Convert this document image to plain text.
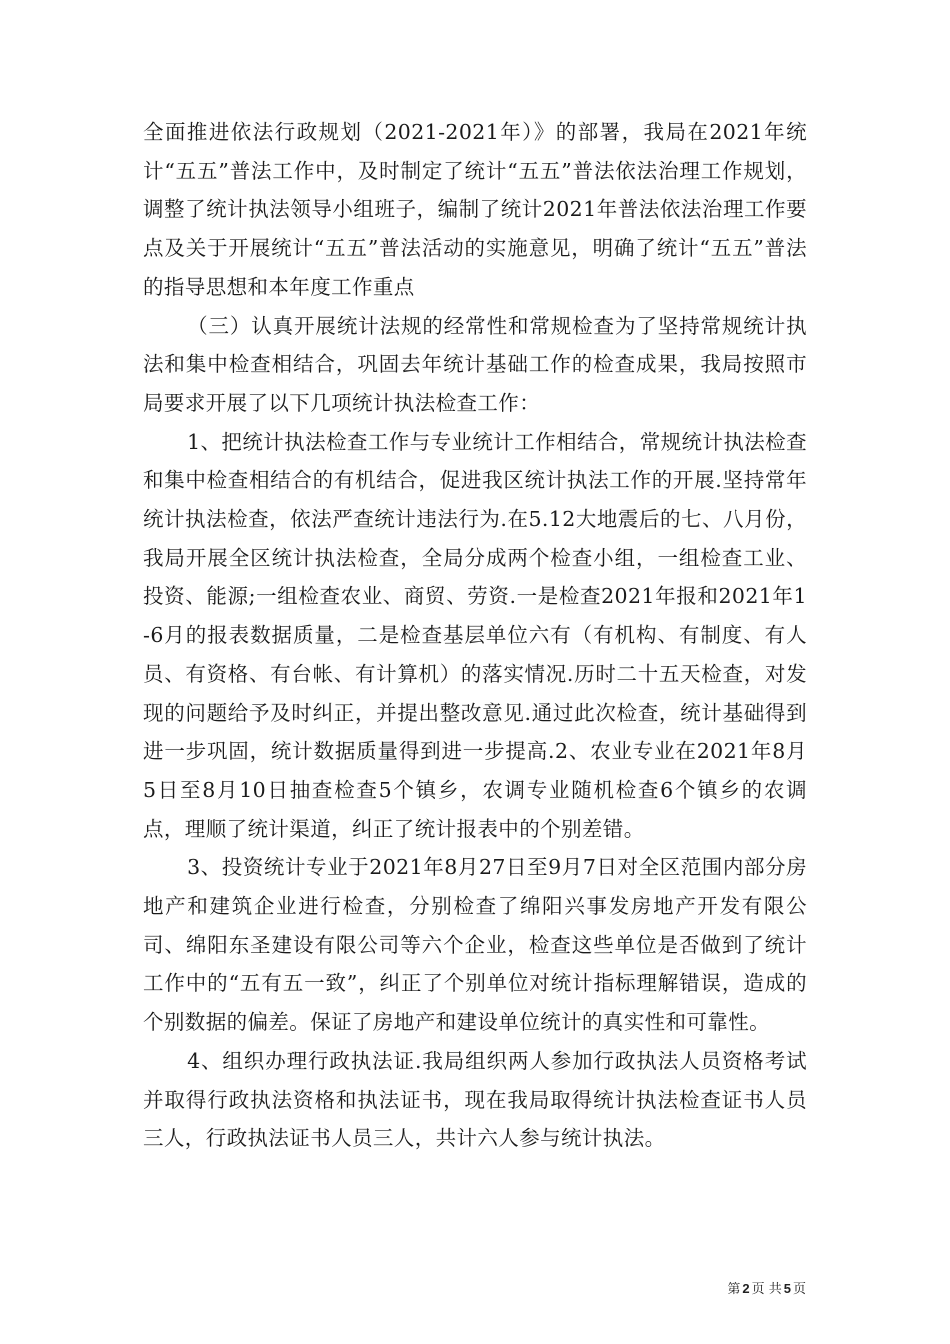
全面推进依法行政规划（2021-2021年）》的部署，我局在2021年统计“五五”普法工作中，及时制定了统计“五五”普法依法治理工作规划，调整了统计执法领导小组班子，编制了统计2021年普法依法治理工作要点及关于开展统计“五五”普法活动的实施意见，明确了统计“五五”普法的指导思想和本年度工作重点

（三）认真开展统计法规的经常性和常规检查为了坚持常规统计执法和集中检查相结合，巩固去年统计基础工作的检查成果，我局按照市局要求开展了以下几项统计执法检查工作：

1、把统计执法检查工作与专业统计工作相结合，常规统计执法检查和集中检查相结合的有机结合，促进我区统计执法工作的开展.坚持常年统计执法检查，依法严查统计违法行为.在5.12大地震后的七、八月份，我局开展全区统计执法检查，全局分成两个检查小组，一组检查工业、投资、能源;一组检查农业、商贸、劳资.一是检查2021年报和2021年1-6月的报表数据质量，二是检查基层单位六有（有机构、有制度、有人员、有资格、有台帐、有计算机）的落实情况.历时二十五天检查，对发现的问题给予及时纠正，并提出整改意见.通过此次检查，统计基础得到进一步巩固，统计数据质量得到进一步提高.2、农业专业在2021年8月5日至8月10日抽查检查5个镇乡，农调专业随机检查6个镇乡的农调点，理顺了统计渠道，纠正了统计报表中的个别差错。

3、投资统计专业于2021年8月27日至9月7日对全区范围内部分房地产和建筑企业进行检查，分别检查了绵阳兴事发房地产开发有限公司、绵阳东圣建设有限公司等六个企业，检查这些单位是否做到了统计工作中的“五有五一致”，纠正了个别单位对统计指标理解错误，造成的个别数据的偏差。保证了房地产和建设单位统计的真实性和可靠性。

4、组织办理行政执法证.我局组织两人参加行政执法人员资格考试并取得行政执法资格和执法证书，现在我局取得统计执法检查证书人员三人，行政执法证书人员三人，共计六人参与统计执法。

第 2 页 共 5 页
